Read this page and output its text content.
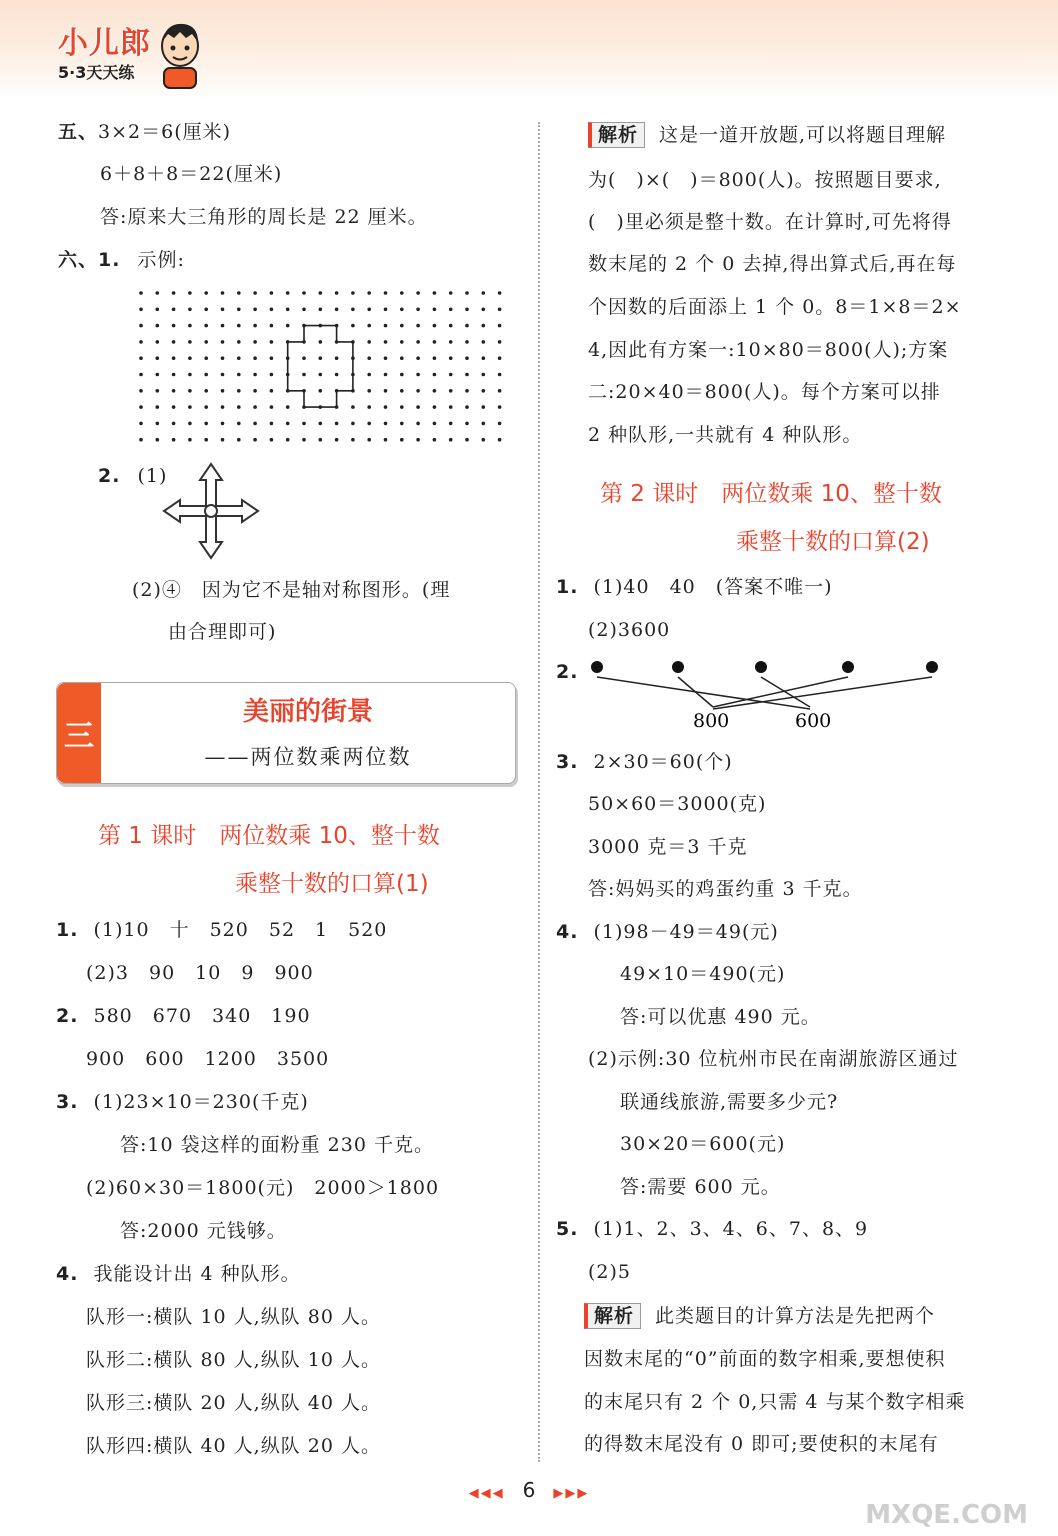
小儿郎
5·3天天练
五、3×2＝6(厘米)
6＋8＋8＝22(厘米)
答:原来大三角形的周长是 22 厘米。
六、1. 示例:
2. (1)
(2)④　因为它不是轴对称图形。(理
由合理即可)
三
美丽的街景
——两位数乘两位数
第 1 课时　两位数乘 10、整十数
乘整十数的口算(1)
1. (1)10　十　520　52　1　520
(2)3　90　10　9　900
2. 580　670　340　190
900　600　1200　3500
3. (1)23×10＝230(千克)
答:10 袋这样的面粉重 230 千克。
(2)60×30＝1800(元)　2000＞1800
答:2000 元钱够。
4. 我能设计出 4 种队形。
队形一:横队 10 人,纵队 80 人。
队形二:横队 80 人,纵队 10 人。
队形三:横队 20 人,纵队 40 人。
队形四:横队 40 人,纵队 20 人。
解析 这是一道开放题,可以将题目理解
为(　)×(　)＝800(人)。按照题目要求,
(　)里必须是整十数。在计算时,可先将得
数末尾的 2 个 0 去掉,得出算式后,再在每
个因数的后面添上 1 个 0。8＝1×8＝2×
4,因此有方案一:10×80＝800(人);方案
二:20×40＝800(人)。每个方案可以排
2 种队形,一共就有 4 种队形。
第 2 课时　两位数乘 10、整十数
乘整十数的口算(2)
1. (1)40　40　(答案不唯一)
(2)3600
2.
800	600
3. 2×30＝60(个)
50×60＝3000(克)
3000 克＝3 千克
答:妈妈买的鸡蛋约重 3 千克。
4. (1)98－49＝49(元)
49×10＝490(元)
答:可以优惠 490 元。
(2)示例:30 位杭州市民在南湖旅游区通过
联通线旅游,需要多少元?
30×20＝600(元)
答:需要 600 元。
5. (1)1、2、3、4、6、7、8、9
(2)5
解析 此类题目的计算方法是先把两个
因数末尾的“0”前面的数字相乘,要想使积
的末尾只有 2 个 0,只需 4 与某个数字相乘
的得数末尾没有 0 即可;要使积的末尾有
◀◀◀ 6 ▶▶▶
MXQE.COM
